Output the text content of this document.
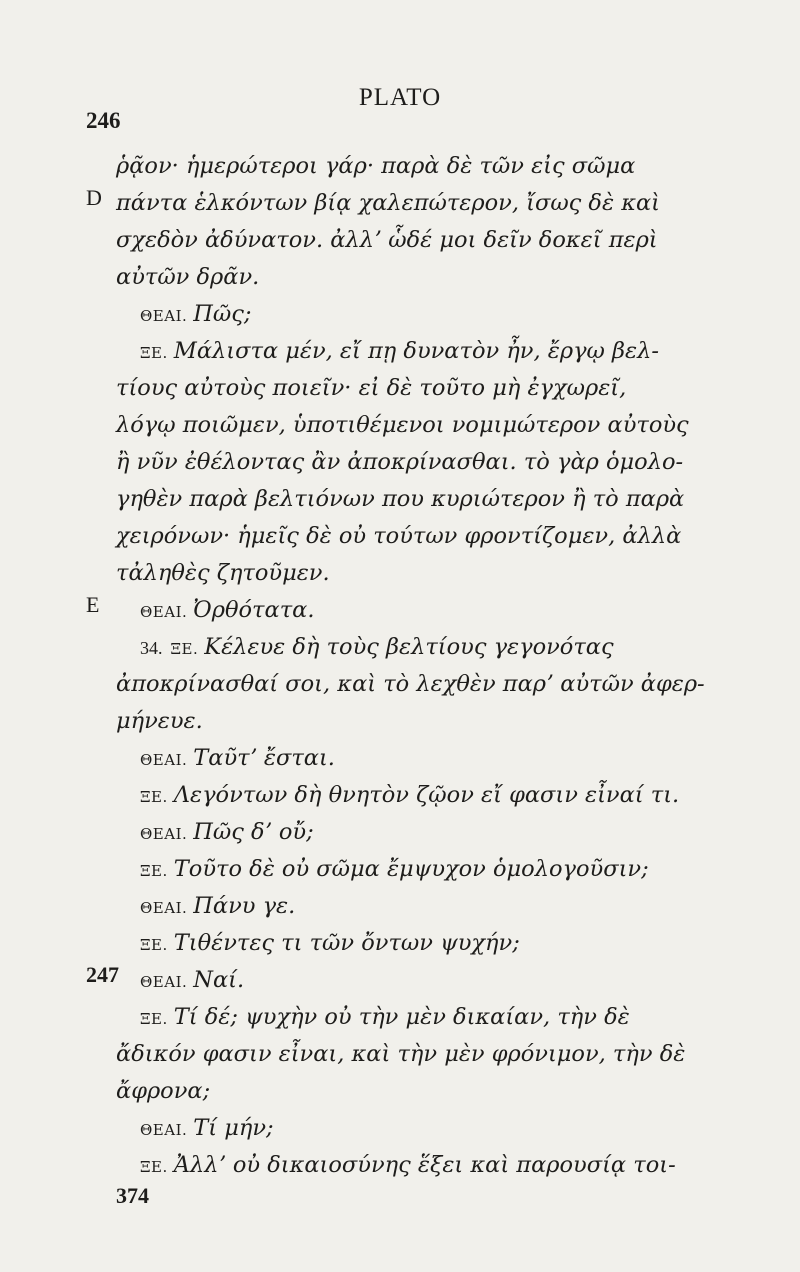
PLATO
246
D
E
247
ῥᾷον· ἡμερώτεροι γάρ· παρὰ δὲ τῶν εἰς σῶμα
πάντα ἑλκόντων βίᾳ χαλεπώτερον, ἴσως δὲ καὶ
σχεδὸν ἀδύνατον. ἀλλʼ ὧδέ μοι δεῖν δοκεῖ περὶ
αὐτῶν δρᾶν.
ΘΕΑΙ. Πῶς;
ΞΕ. Μάλιστα μέν, εἴ πῃ δυνατὸν ἦν, ἔργῳ βελ-
τίους αὐτοὺς ποιεῖν· εἰ δὲ τοῦτο μὴ ἐγχωρεῖ,
λόγῳ ποιῶμεν, ὑποτιθέμενοι νομιμώτερον αὐτοὺς
ἢ νῦν ἐθέλοντας ἂν ἀποκρίνασθαι. τὸ γὰρ ὁμολο-
γηθὲν παρὰ βελτιόνων που κυριώτερον ἢ τὸ παρὰ
χειρόνων· ἡμεῖς δὲ οὐ τούτων φροντίζομεν, ἀλλὰ
τἀληθὲς ζητοῦμεν.
ΘΕΑΙ. Ὀρθότατα.
34. ΞΕ. Κέλευε δὴ τοὺς βελτίους γεγονότας
ἀποκρίνασθαί σοι, καὶ τὸ λεχθὲν παρʼ αὐτῶν ἀφερ-
μήνευε.
ΘΕΑΙ. Ταῦτʼ ἔσται.
ΞΕ. Λεγόντων δὴ θνητὸν ζῷον εἴ φασιν εἶναί τι.
ΘΕΑΙ. Πῶς δʼ οὔ;
ΞΕ. Τοῦτο δὲ οὐ σῶμα ἔμψυχον ὁμολογοῦσιν;
ΘΕΑΙ. Πάνυ γε.
ΞΕ. Τιθέντες τι τῶν ὄντων ψυχήν;
ΘΕΑΙ. Ναί.
ΞΕ. Τί δέ; ψυχὴν οὐ τὴν μὲν δικαίαν, τὴν δὲ
ἄδικόν φασιν εἶναι, καὶ τὴν μὲν φρόνιμον, τὴν δὲ
ἄφρονα;
ΘΕΑΙ. Τί μήν;
ΞΕ. Ἀλλʼ οὐ δικαιοσύνης ἕξει καὶ παρουσίᾳ τοι-
374
